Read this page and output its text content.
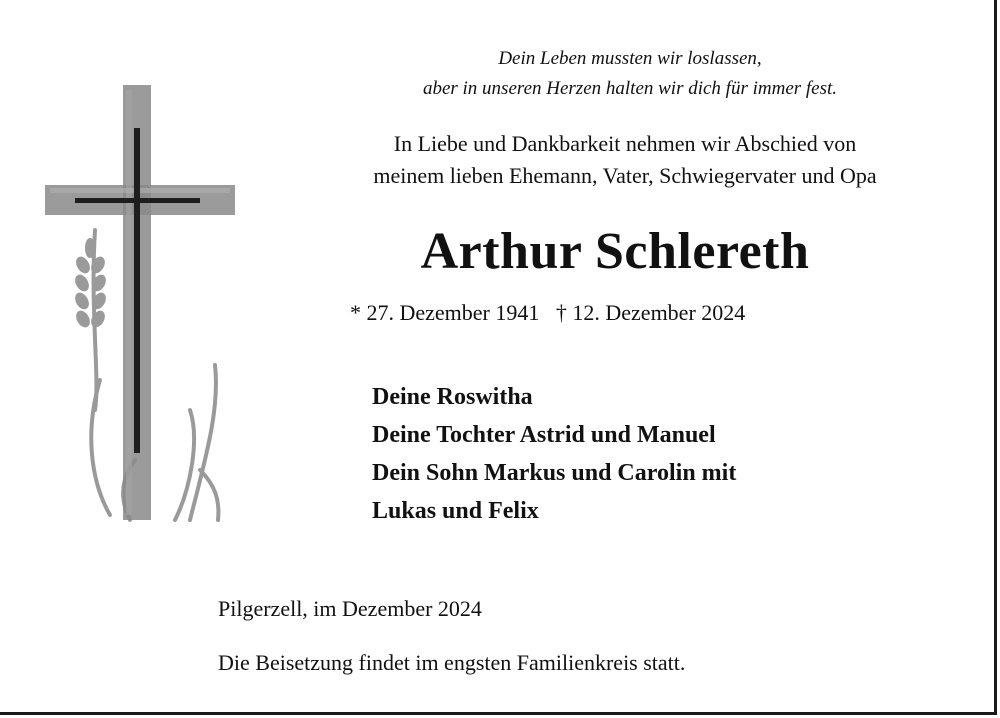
Dein Leben mussten wir loslassen,
aber in unseren Herzen halten wir dich für immer fest.
In Liebe und Dankbarkeit nehmen wir Abschied von
meinem lieben Ehemann, Vater, Schwiegervater und Opa
Arthur Schlereth
* 27. Dezember 1941 † 12. Dezember 2024
Deine Roswitha
Deine Tochter Astrid und Manuel
Dein Sohn Markus und Carolin mit
Lukas und Felix
Pilgerzell, im Dezember 2024
Die Beisetzung findet im engsten Familienkreis statt.
